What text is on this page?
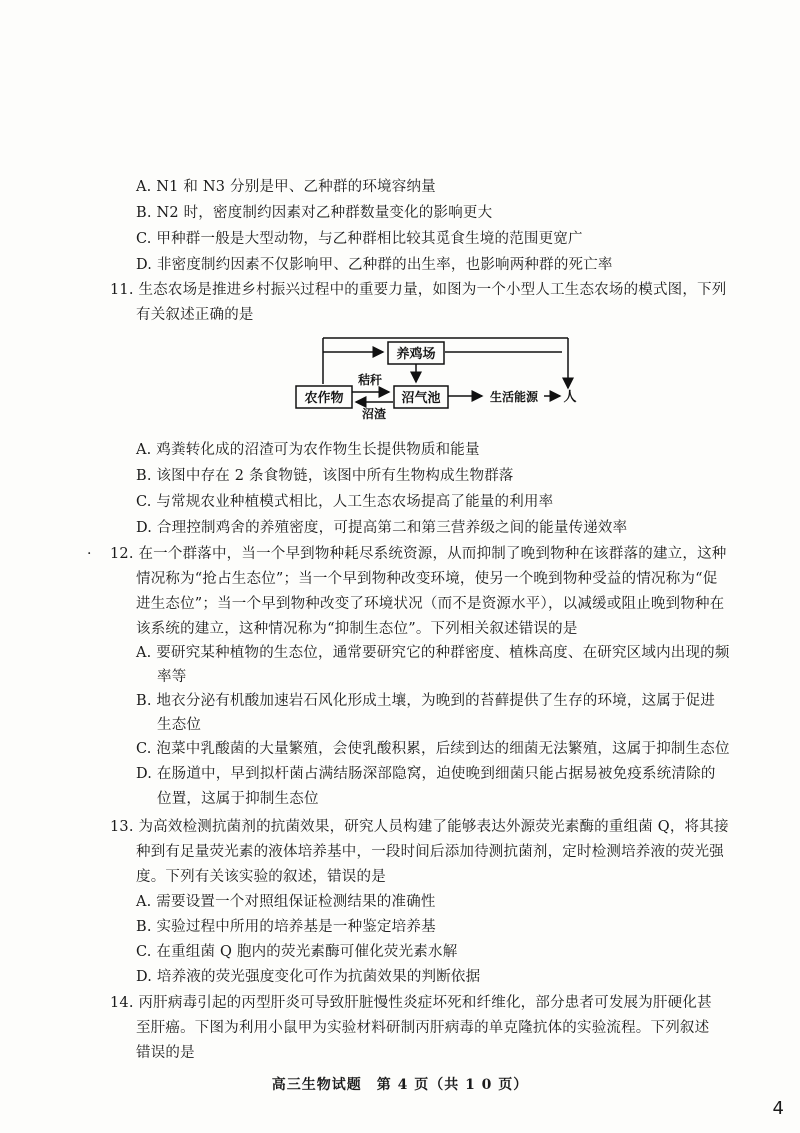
A. N1 和 N3 分别是甲、乙种群的环境容纳量
B. N2 时，密度制约因素对乙种群数量变化的影响更大
C. 甲种群一般是大型动物，与乙种群相比较其觅食生境的范围更宽广
D. 非密度制约因素不仅影响甲、乙种群的出生率，也影响两种群的死亡率
11. 生态农场是推进乡村振兴过程中的重要力量，如图为一个小型人工生态农场的模式图，下列
有关叙述正确的是
养鸡场
农作物
秸秆
沼渣
沼气池	生活能源 人
A. 鸡粪转化成的沼渣可为农作物生长提供物质和能量
B. 该图中存在 2 条食物链，该图中所有生物构成生物群落
C. 与常规农业种植模式相比，人工生态农场提高了能量的利用率
D. 合理控制鸡舍的养殖密度，可提高第二和第三营养级之间的能量传递效率
· 12. 在一个群落中，当一个早到物种耗尽系统资源，从而抑制了晚到物种在该群落的建立，这种
情况称为“抢占生态位”；当一个早到物种改变环境，使另一个晚到物种受益的情况称为“促
进生态位”；当一个早到物种改变了环境状况（而不是资源水平），以减缓或阻止晚到物种在
该系统的建立，这种情况称为“抑制生态位”。下列相关叙述错误的是
A. 要研究某种植物的生态位，通常要研究它的种群密度、植株高度、在研究区域内出现的频
率等
B. 地衣分泌有机酸加速岩石风化形成土壤，为晚到的苔藓提供了生存的环境，这属于促进
生态位
C. 泡菜中乳酸菌的大量繁殖，会使乳酸积累，后续到达的细菌无法繁殖，这属于抑制生态位
D. 在肠道中，早到拟杆菌占满结肠深部隐窝，迫使晚到细菌只能占据易被免疫系统清除的
位置，这属于抑制生态位
13. 为高效检测抗菌剂的抗菌效果，研究人员构建了能够表达外源荧光素酶的重组菌 Q，将其接
种到有足量荧光素的液体培养基中，一段时间后添加待测抗菌剂，定时检测培养液的荧光强
度。下列有关该实验的叙述，错误的是
A. 需要设置一个对照组保证检测结果的准确性
B. 实验过程中所用的培养基是一种鉴定培养基
C. 在重组菌 Q 胞内的荧光素酶可催化荧光素水解
D. 培养液的荧光强度变化可作为抗菌效果的判断依据
14. 丙肝病毒引起的丙型肝炎可导致肝脏慢性炎症坏死和纤维化，部分患者可发展为肝硬化甚
至肝癌。下图为利用小鼠甲为实验材料研制丙肝病毒的单克隆抗体的实验流程。下列叙述
错误的是
高三生物试题　第 4 页（共 1 0 页）
4
